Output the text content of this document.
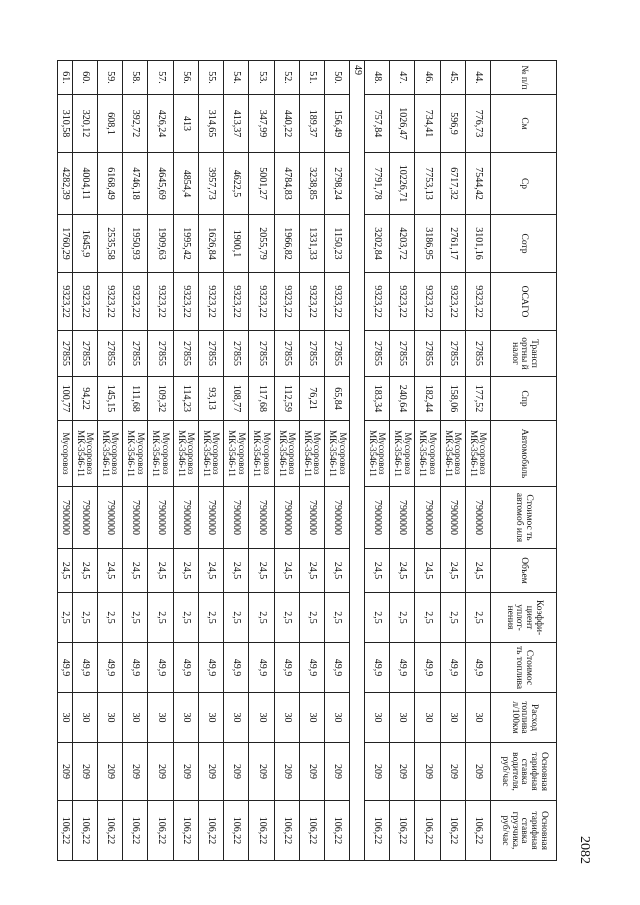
2082
№ п/п	См	Ср	Сотр	ОСАГО	Трансп ортны й налог	Спр	Автомобиль	Стоимос ть автомоб иля	Объем	Коэффи- циент уплот- нения	Стоимос ть топлива	Расход топлива л/100км	Основная тарифная ставка водителя, руб/час	Основная тарифная ставка грузчика, руб/час
44.	776,73	7544,42	3101,16	9323,22	27855	177,52	Мусоровоз МК-3546-11	7900000	24,5	2,5	49,9	30	209	106,22
45.	596,9	6717,32	2761,17	9323,22	27855	158,06	Мусоровоз МК-3546-11	7900000	24,5	2,5	49,9	30	209	106,22
46.	734,41	7753,13	3186,95	9323,22	27855	182,44	Мусоровоз МК-3546-11	7900000	24,5	2,5	49,9	30	209	106,22
47.	1026,47	10226,71	4203,72	9323,22	27855	240,64	Мусоровоз МК-3546-11	7900000	24,5	2,5	49,9	30	209	106,22
48.	757,84	7791,78	3202,84	9323,22	27855	183,34	Мусоровоз МК-3546-11	7900000	24,5	2,5	49,9	30	209	106,22
49														
50.	156,49	2798,24	1150,23	9323,22	27855	65,84	Мусоровоз МК-3546-11	7900000	24,5	2,5	49,9	30	209	106,22
51.	189,37	3238,85	1331,33	9323,22	27855	76,21	Мусоровоз МК-3546-11	7900000	24,5	2,5	49,9	30	209	106,22
52.	440,22	4784,83	1966,82	9323,22	27855	112,59	Мусоровоз МК-3546-11	7900000	24,5	2,5	49,9	30	209	106,22
53.	347,99	5001,27	2055,79	9323,22	27855	117,68	Мусоровоз МК-3546-11	7900000	24,5	2,5	49,9	30	209	106,22
54.	413,37	4622,5	1900,1	9323,22	27855	108,77	Мусоровоз МК-3546-11	7900000	24,5	2,5	49,9	30	209	106,22
55.	314,65	3957,73	1626,84	9323,22	27855	93,13	Мусоровоз МК-3546-11	7900000	24,5	2,5	49,9	30	209	106,22
56.	413	4854,4	1995,42	9323,22	27855	114,23	Мусоровоз МК-3546-11	7900000	24,5	2,5	49,9	30	209	106,22
57.	426,24	4645,69	1909,63	9323,22	27855	109,32	Мусоровоз МК-3546-11	7900000	24,5	2,5	49,9	30	209	106,22
58.	392,72	4746,18	1950,93	9323,22	27855	111,68	Мусоровоз МК-3546-11	7900000	24,5	2,5	49,9	30	209	106,22
59.	608,1	6168,49	2535,58	9323,22	27855	145,15	Мусоровоз МК-3546-11	7900000	24,5	2,5	49,9	30	209	106,22
60.	320,12	4004,11	1645,9	9323,22	27855	94,22	Мусоровоз МК-3546-11	7900000	24,5	2,5	49,9	30	209	106,22
61.	310,58	4282,39	1760,29	9323,22	27855	100,77	Мусоровоз	7900000	24,5	2,5	49,9	30	209	106,22
